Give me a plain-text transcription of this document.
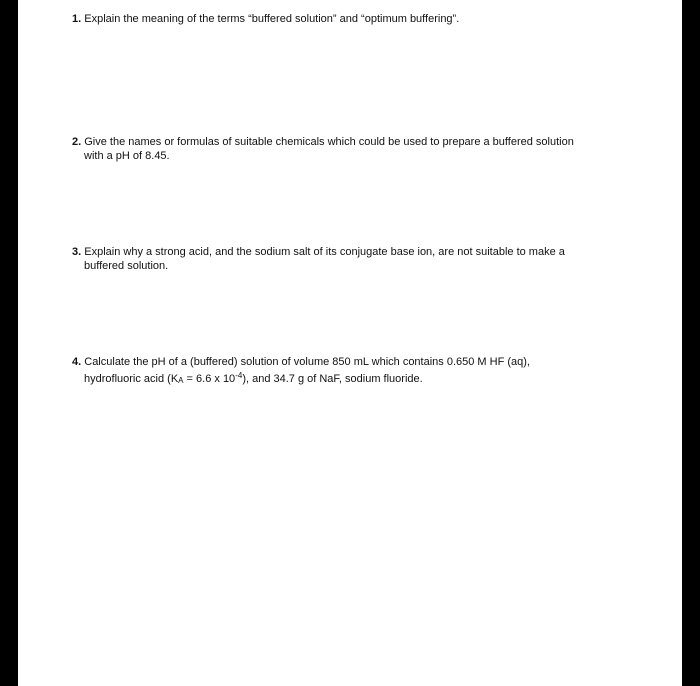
1. Explain the meaning of the terms “buffered solution” and “optimum buffering”.
2. Give the names or formulas of suitable chemicals which could be used to prepare a buffered solution
with a pH of 8.45.
3. Explain why a strong acid, and the sodium salt of its conjugate base ion, are not suitable to make a
buffered solution.
4. Calculate the pH of a (buffered) solution of volume 850 mL which contains 0.650 M HF (aq),
hydrofluoric acid (KA = 6.6 x $10^{-4}$), and 34.7 g of NaF, sodium fluoride.
